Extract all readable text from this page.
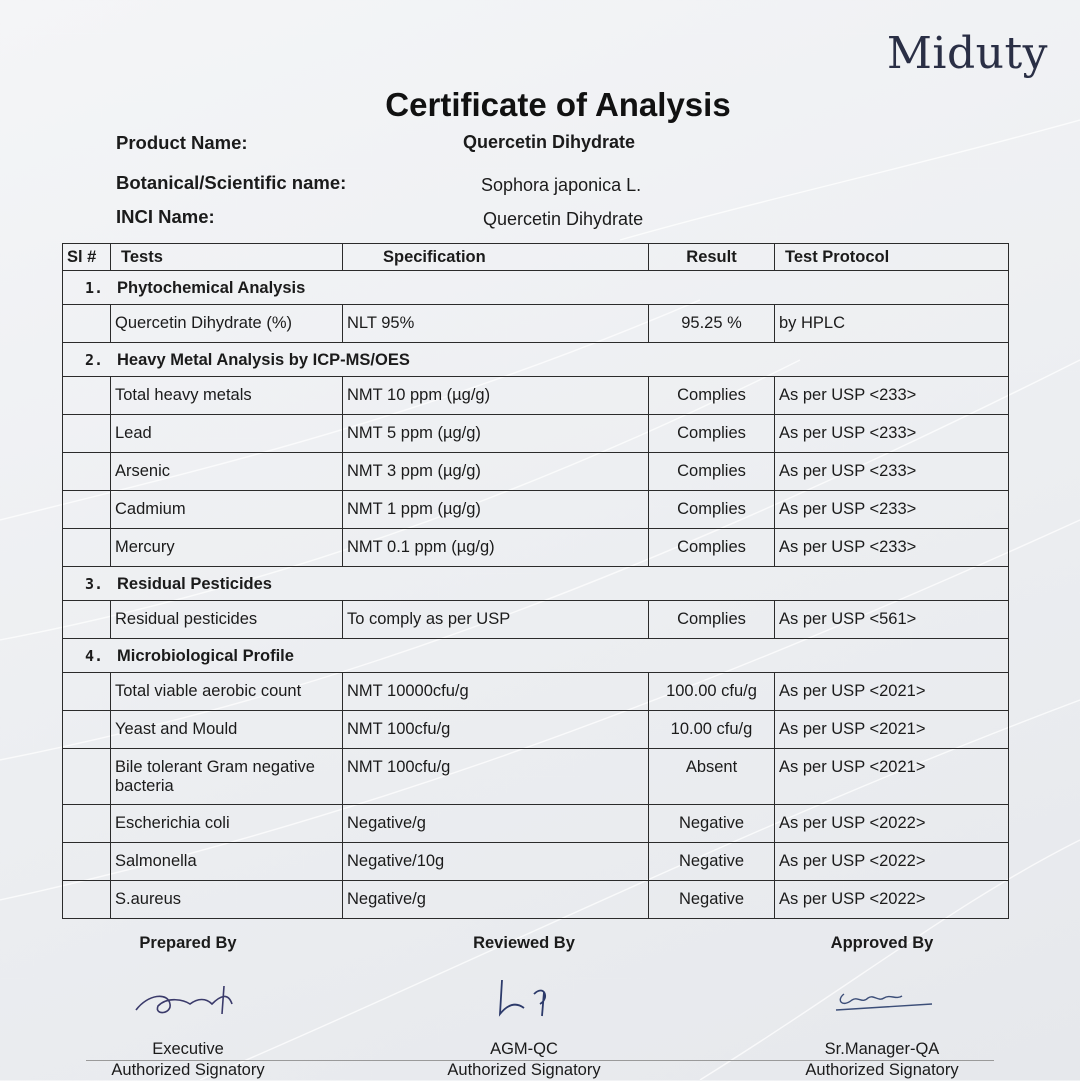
Miduty
Certificate of Analysis
Product Name:	Quercetin Dihydrate
Botanical/Scientific name:	Sophora japonica L.
INCI Name:	Quercetin Dihydrate
Sl #	Tests	Specification	Result	Test Protocol
1. Phytochemical Analysis				
	Quercetin Dihydrate (%)	NLT 95%	95.25 %	by HPLC
2. Heavy Metal Analysis by ICP-MS/OES				
	Total heavy metals	NMT 10 ppm (µg/g)	Complies	As per USP <233>
	Lead	NMT 5 ppm (µg/g)	Complies	As per USP <233>
	Arsenic	NMT 3 ppm (µg/g)	Complies	As per USP <233>
	Cadmium	NMT 1 ppm (µg/g)	Complies	As per USP <233>
	Mercury	NMT 0.1 ppm (µg/g)	Complies	As per USP <233>
3. Residual Pesticides				
	Residual pesticides	To comply as per USP	Complies	As per USP <561>
4. Microbiological Profile				
	Total viable aerobic count	NMT 10000cfu/g	100.00 cfu/g	As per USP <2021>
	Yeast and Mould	NMT 100cfu/g	10.00 cfu/g	As per USP <2021>
	Bile tolerant Gram negative bacteria	NMT 100cfu/g	Absent	As per USP <2021>
	Escherichia coli	Negative/g	Negative	As per USP <2022>
	Salmonella	Negative/10g	Negative	As per USP <2022>
	S.aureus	Negative/g	Negative	As per USP <2022>
Prepared By
Executive
Authorized Signatory
Reviewed By
AGM-QC
Authorized Signatory
Approved By
Sr.Manager-QA
Authorized Signatory
